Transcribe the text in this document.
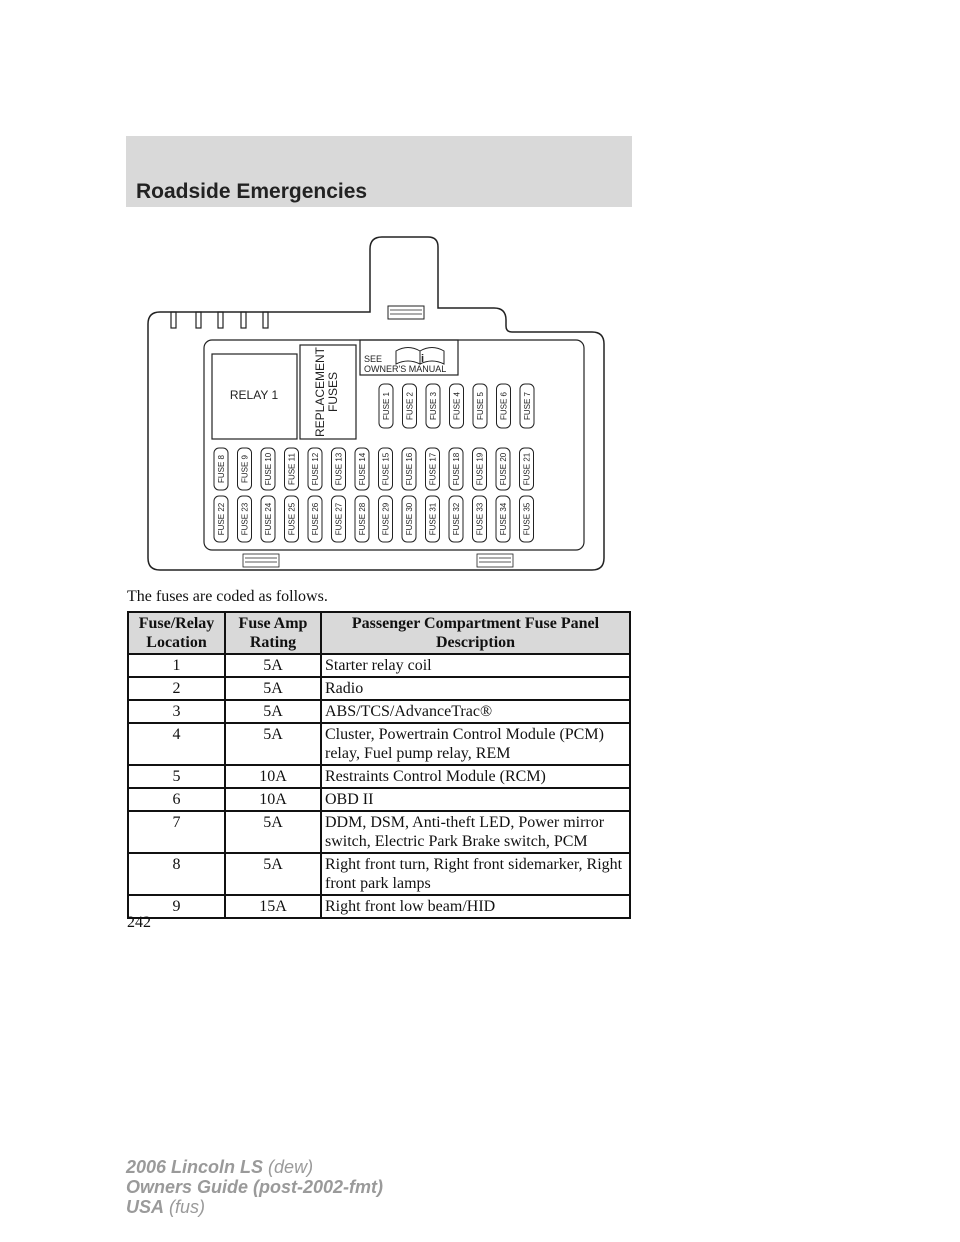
Roadside Emergencies
RELAY 1	REPLACEMENT FUSES
SEE
OWNER'S MANUAL
i
FUSE 1 FUSE 2 FUSE 3 FUSE 4 FUSE 5 FUSE 6 FUSE 7
FUSE 8 FUSE 9 FUSE 10 FUSE 11 FUSE 12 FUSE 13 FUSE 14 FUSE 15 FUSE 16 FUSE 17 FUSE 18 FUSE 19 FUSE 20 FUSE 21
FUSE 22 FUSE 23 FUSE 24 FUSE 25 FUSE 26 FUSE 27 FUSE 28 FUSE 29 FUSE 30 FUSE 31 FUSE 32 FUSE 33 FUSE 34 FUSE 35
The fuses are coded as follows.
Fuse/Relay Location	Fuse Amp Rating	Passenger Compartment Fuse Panel Description
1	5A	Starter relay coil
2	5A	Radio
3	5A	ABS/TCS/AdvanceTrac®
4	5A	Cluster, Powertrain Control Module (PCM) relay, Fuel pump relay, REM
5	10A	Restraints Control Module (RCM)
6	10A	OBD II
7	5A	DDM, DSM, Anti-theft LED, Power mirror switch, Electric Park Brake switch, PCM
8	5A	Right front turn, Right front sidemarker, Right front park lamps
9	15A	Right front low beam/HID
242
2006 Lincoln LS (dew)
Owners Guide (post-2002-fmt)
USA (fus)
